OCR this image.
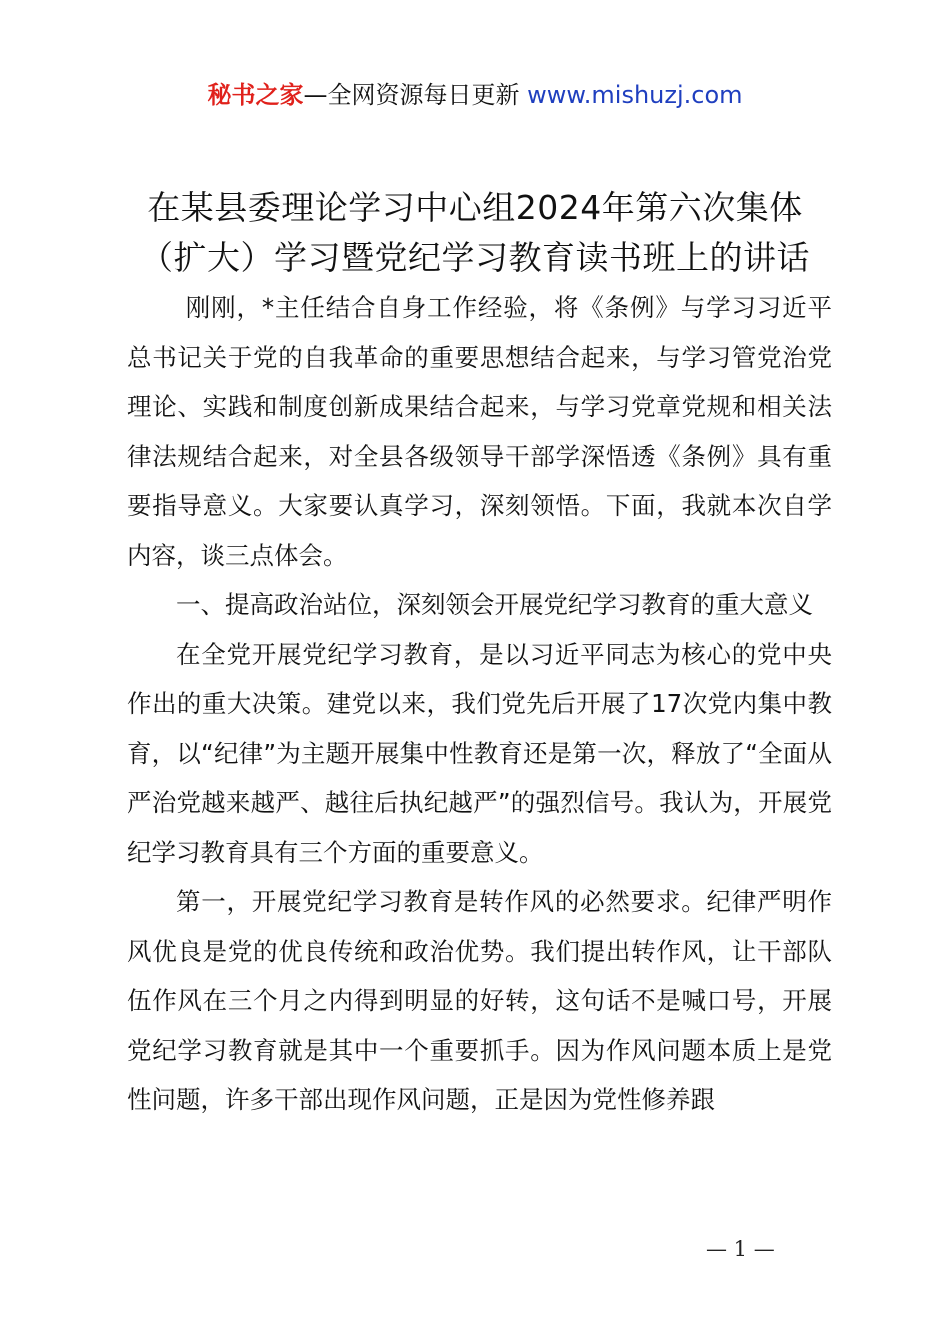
秘书之家—全网资源每日更新 www.mishuzj.com
在某县委理论学习中心组2024年第六次集体
（扩大）学习暨党纪学习教育读书班上的讲话

刚刚，*主任结合自身工作经验，将《条例》与学习习近平总书记关于党的自我革命的重要思想结合起来，与学习管党治党理论、实践和制度创新成果结合起来，与学习党章党规和相关法律法规结合起来，对全县各级领导干部学深悟透《条例》具有重要指导意义。大家要认真学习，深刻领悟。下面，我就本次自学内容，谈三点体会。

一、提高政治站位，深刻领会开展党纪学习教育的重大意义

在全党开展党纪学习教育，是以习近平同志为核心的党中央作出的重大决策。建党以来，我们党先后开展了17次党内集中教育，以“纪律”为主题开展集中性教育还是第一次，释放了“全面从严治党越来越严、越往后执纪越严”的强烈信号。我认为，开展党纪学习教育具有三个方面的重要意义。

第一，开展党纪学习教育是转作风的必然要求。纪律严明作风优良是党的优良传统和政治优势。我们提出转作风，让干部队伍作风在三个月之内得到明显的好转，这句话不是喊口号，开展党纪学习教育就是其中一个重要抓手。因为作风问题本质上是党性问题，许多干部出现作风问题，正是因为党性修养跟

— 1 —
